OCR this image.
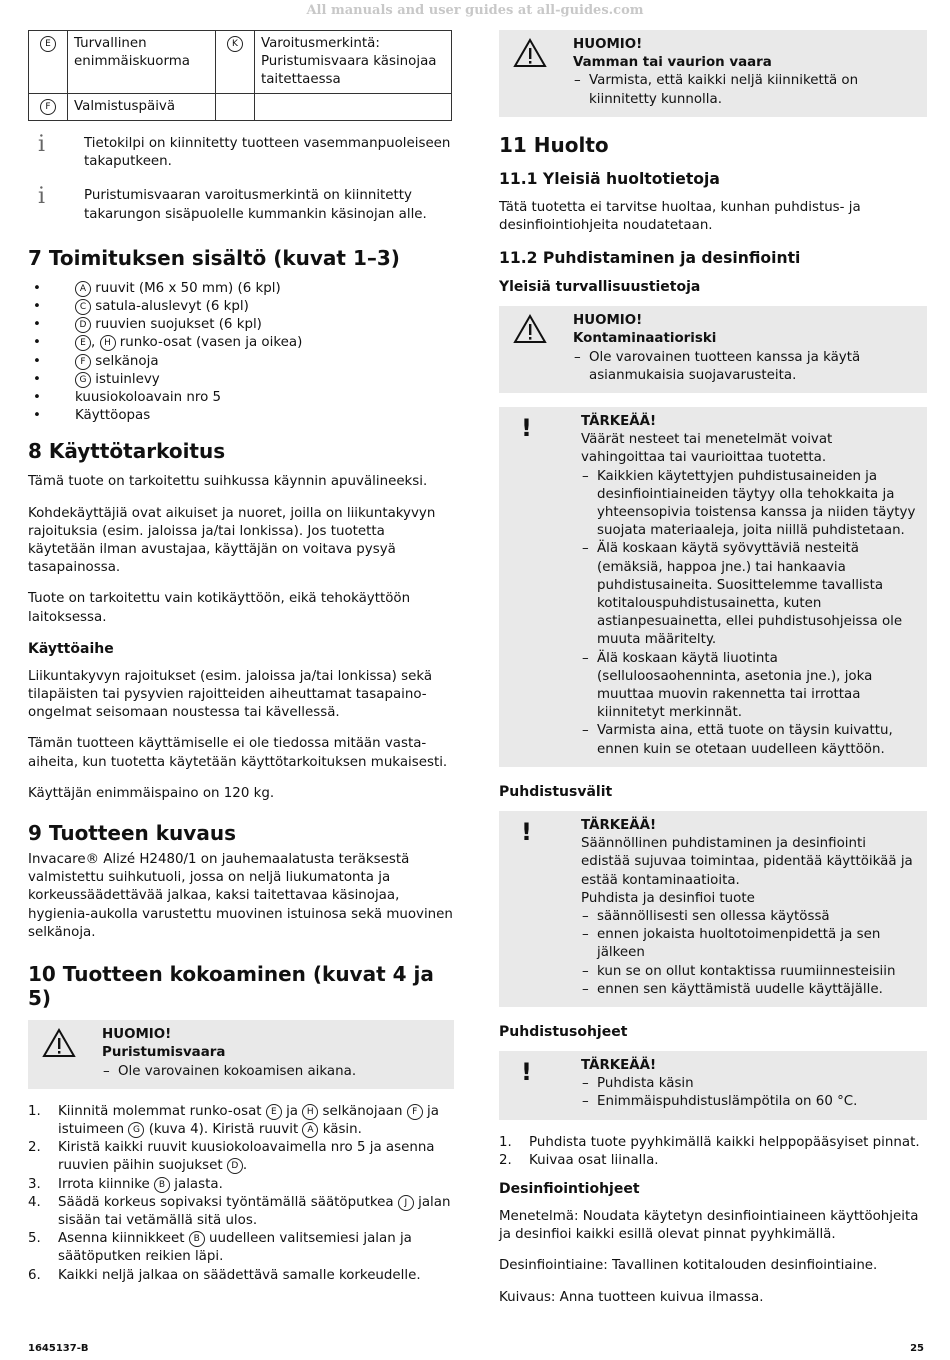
All manuals and user guides at all-guides.com
E	Turvallinen enimmäiskuorma	K	Varoitusmerkintä: Puristumisvaara käsinojaa taitettaessa
F	Valmistuspäivä		
i	Tietokilpi on kiinnitetty tuotteen vasemmanpuoleiseen takaputkeen.
i	Puristumisvaaran varoitusmerkintä on kiinnitetty takarungon sisäpuolelle kummankin käsinojan alle.
7 Toimituksen sisältö (kuvat 1–3)
• A ruuvit (M6 x 50 mm) (6 kpl)
• C satula-aluslevyt (6 kpl)
• D ruuvien suojukset (6 kpl)
• E , H runko-osat (vasen ja oikea)
• F selkänoja
• G istuinlevy
• kuusiokoloavain nro 5
• Käyttöopas
8 Käyttötarkoitus

Tämä tuote on tarkoitettu suihkussa käynnin apuvälineeksi.

Kohdekäyttäjiä ovat aikuiset ja nuoret, joilla on liikuntakyvyn rajoituksia (esim. jaloissa ja/tai lonkissa). Jos tuotetta käytetään ilman avustajaa, käyttäjän on voitava pysyä tasapainossa.

Tuote on tarkoitettu vain kotikäyttöön, eikä tehokäyttöön laitoksessa.

Käyttöaihe

Liikuntakyvyn rajoitukset (esim. jaloissa ja/tai lonkissa) sekä tilapäisten tai pysyvien rajoitteiden aiheuttamat tasapaino-ongelmat seisomaan noustessa tai kävellessä.

Tämän tuotteen käyttämiselle ei ole tiedossa mitään vasta-aiheita, kun tuotetta käytetään käyttötarkoituksen mukaisesti.

Käyttäjän enimmäispaino on 120 kg.

9 Tuotteen kuvaus

Invacare® Alizé H2480/1 on jauhemaalatusta teräksestä valmistettu suihkutuoli, jossa on neljä liukumatonta ja korkeussäädettävää jalkaa, kaksi taitettavaa käsinojaa, hygienia-aukolla varustettu muovinen istuinosa sekä muovinen selkänoja.

10 Tuotteen kokoaminen (kuvat 4 ja 5)
HUOMIO!
Puristumisvaara
– Ole varovainen kokoamisen aikana.
1. Kiinnitä molemmat runko-osat E ja H selkänojaan F ja istuimeen G (kuva 4). Kiristä ruuvit A käsin.
2. Kiristä kaikki ruuvit kuusiokoloavaimella nro 5 ja asenna ruuvien päihin suojukset D .
3. Irrota kiinnike B jalasta.
4. Säädä korkeus sopivaksi työntämällä säätöputkea J jalan sisään tai vetämällä sitä ulos.
5. Asenna kiinnikkeet B uudelleen valitsemiesi jalan ja säätöputken reikien läpi.
6. Kaikki neljä jalkaa on säädettävä samalle korkeudelle.
HUOMIO!
Vamman tai vaurion vaara
– Varmista, että kaikki neljä kiinnikettä on kiinnitetty kunnolla.
11 Huolto
11.1 Yleisiä huoltotietoja

Tätä tuotetta ei tarvitse huoltaa, kunhan puhdistus- ja desinfiointiohjeita noudatetaan.

11.2 Puhdistaminen ja desinfiointi
Yleisiä turvallisuustietoja
HUOMIO!
Kontaminaatioriski
– Ole varovainen tuotteen kanssa ja käytä asianmukaisia suojavarusteita.
!	TÄRKEÄÄ!
Väärät nesteet tai menetelmät voivat vahingoittaa tai vaurioittaa tuotetta.
– Kaikkien käytettyjen puhdistusaineiden ja desinfiointiaineiden täytyy olla tehokkaita ja yhteensopivia toistensa kanssa ja niiden täytyy suojata materiaaleja, joita niillä puhdistetaan.
– Älä koskaan käytä syövyttäviä nesteitä (emäksiä, happoa jne.) tai hankaavia puhdistusaineita. Suosittelemme tavallista kotitalouspuhdistusainetta, kuten astianpesuainetta, ellei puhdistusohjeissa ole muuta määritelty.
– Älä koskaan käytä liuotinta (selluloosaohenninta, asetonia jne.), joka muuttaa muovin rakennetta tai irrottaa kiinnitetyt merkinnät.
– Varmista aina, että tuote on täysin kuivattu, ennen kuin se otetaan uudelleen käyttöön.
Puhdistusvälit
!	TÄRKEÄÄ!
Säännöllinen puhdistaminen ja desinfiointi edistää sujuvaa toimintaa, pidentää käyttöikää ja estää kontaminaatioita.
Puhdista ja desinfioi tuote
– säännöllisesti sen ollessa käytössä
– ennen jokaista huoltotoimenpidettä ja sen jälkeen
– kun se on ollut kontaktissa ruumiinnesteisiin
– ennen sen käyttämistä uudelle käyttäjälle.
Puhdistusohjeet
!	TÄRKEÄÄ!
– Puhdista käsin
– Enimmäispuhdistuslämpötila on 60 °C.
1. Puhdista tuote pyyhkimällä kaikki helppopääsyiset pinnat.
2. Kuivaa osat liinalla.
Desinfiointiohjeet

Menetelmä: Noudata käytetyn desinfiointiaineen käyttöohjeita ja desinfioi kaikki esillä olevat pinnat pyyhkimällä.

Desinfiointiaine: Tavallinen kotitalouden desinfiointiaine.

Kuivaus: Anna tuotteen kuivua ilmassa.

1645137-B	25
